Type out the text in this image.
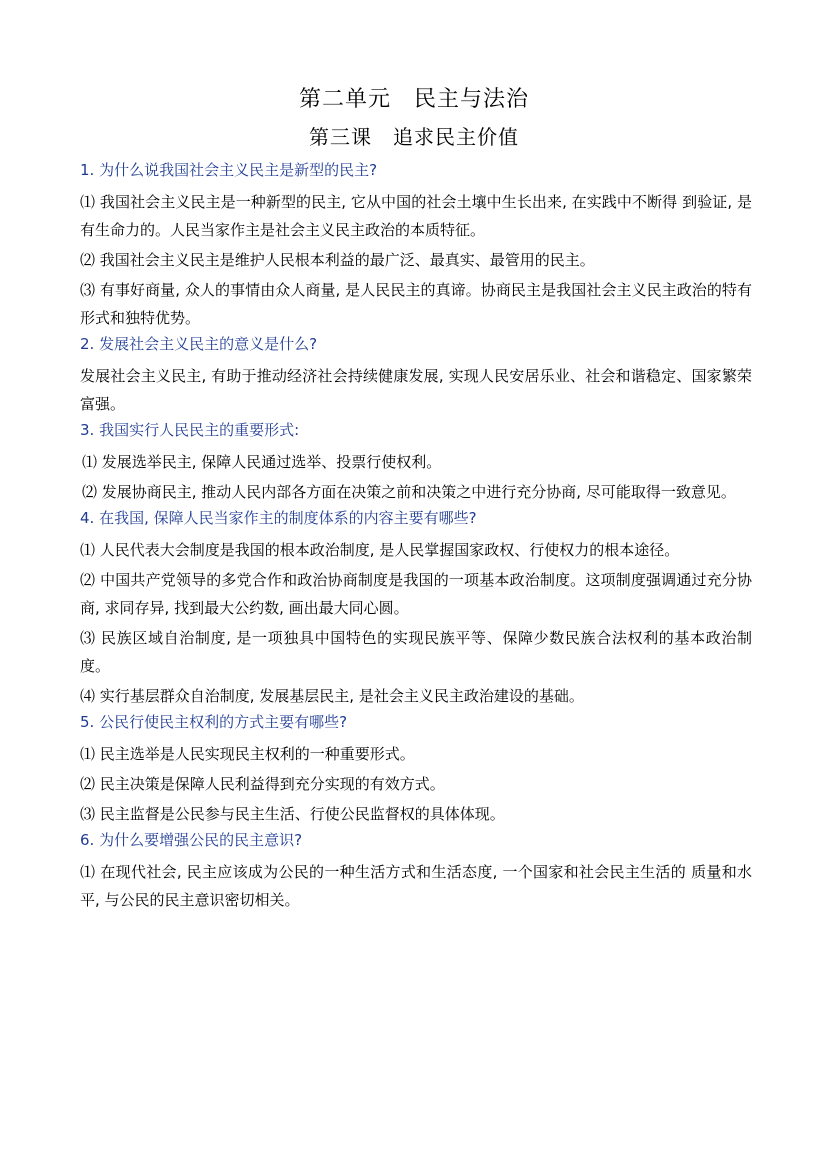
第二单元　民主与法治
第三课　追求民主价值
1. 为什么说我国社会主义民主是新型的民主?
⑴ 我国社会主义民主是一种新型的民主, 它从中国的社会土壤中生长出来, 在实践中不断得 到验证, 是有生命力的。人民当家作主是社会主义民主政治的本质特征。
⑵ 我国社会主义民主是维护人民根本利益的最广泛、最真实、最管用的民主。
⑶ 有事好商量, 众人的事情由众人商量, 是人民民主的真谛。协商民主是我国社会主义民主政治的特有形式和独特优势。
2. 发展社会主义民主的意义是什么?
发展社会主义民主, 有助于推动经济社会持续健康发展, 实现人民安居乐业、社会和谐稳定、国家繁荣富强。
3. 我国实行人民民主的重要形式:
⑴ 发展选举民主, 保障人民通过选举、投票行使权利。
⑵ 发展协商民主, 推动人民内部各方面在决策之前和决策之中进行充分协商, 尽可能取得一致意见。
4. 在我国, 保障人民当家作主的制度体系的内容主要有哪些?
⑴ 人民代表大会制度是我国的根本政治制度, 是人民掌握国家政权、行使权力的根本途径。
⑵ 中国共产党领导的多党合作和政治协商制度是我国的一项基本政治制度。这项制度强调通过充分协商, 求同存异, 找到最大公约数, 画出最大同心圆。
⑶ 民族区域自治制度, 是一项独具中国特色的实现民族平等、保障少数民族合法权利的基本政治制度。
⑷ 实行基层群众自治制度, 发展基层民主, 是社会主义民主政治建设的基础。
5. 公民行使民主权利的方式主要有哪些?
⑴ 民主选举是人民实现民主权利的一种重要形式。
⑵ 民主决策是保障人民利益得到充分实现的有效方式。
⑶ 民主监督是公民参与民主生活、行使公民监督权的具体体现。
6. 为什么要增强公民的民主意识?
⑴ 在现代社会, 民主应该成为公民的一种生活方式和生活态度, 一个国家和社会民主生活的 质量和水平, 与公民的民主意识密切相关。
